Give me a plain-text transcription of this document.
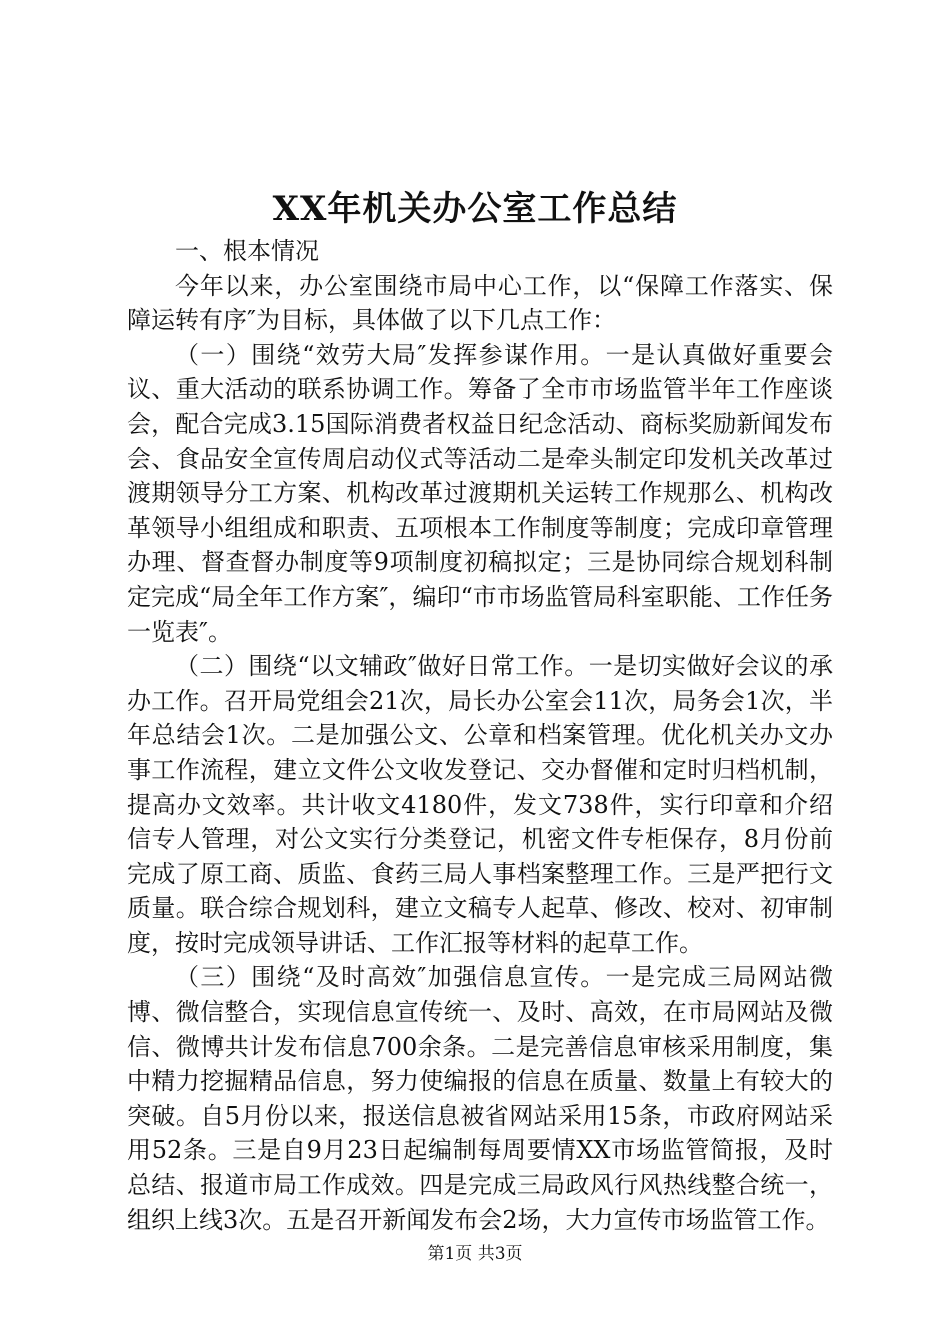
XX年机关办公室工作总结

一、根本情况

今年以来，办公室围绕市局中心工作，以“保障工作落实、保障运转有序″为目标，具体做了以下几点工作：

（一）围绕“效劳大局″发挥参谋作用。一是认真做好重要会议、重大活动的联系协调工作。筹备了全市市场监管半年工作座谈会，配合完成3.15国际消费者权益日纪念活动、商标奖励新闻发布会、食品安全宣传周启动仪式等活动二是牵头制定印发机关改革过渡期领导分工方案、机构改革过渡期机关运转工作规那么、机构改革领导小组组成和职责、五项根本工作制度等制度；完成印章管理办理、督查督办制度等9项制度初稿拟定；三是协同综合规划科制定完成“局全年工作方案″，编印“市市场监管局科室职能、工作任务一览表″。

（二）围绕“以文辅政″做好日常工作。一是切实做好会议的承办工作。召开局党组会21次，局长办公室会11次，局务会1次，半年总结会1次。二是加强公文、公章和档案管理。优化机关办文办事工作流程，建立文件公文收发登记、交办督催和定时归档机制，提高办文效率。共计收文4180件，发文738件，实行印章和介绍信专人管理，对公文实行分类登记，机密文件专柜保存，8月份前完成了原工商、质监、食药三局人事档案整理工作。三是严把行文质量。联合综合规划科，建立文稿专人起草、修改、校对、初审制度，按时完成领导讲话、工作汇报等材料的起草工作。

（三）围绕“及时高效″加强信息宣传。一是完成三局网站微博、微信整合，实现信息宣传统一、及时、高效，在市局网站及微信、微博共计发布信息700余条。二是完善信息审核采用制度，集中精力挖掘精品信息，努力使编报的信息在质量、数量上有较大的突破。自5月份以来，报送信息被省网站采用15条，市政府网站采用52条。三是自9月23日起编制每周要情XX市场监管简报，及时总结、报道市局工作成效。四是完成三局政风行风热线整合统一，组织上线3次。五是召开新闻发布会2场，大力宣传市场监管工作。

第1页 共3页
